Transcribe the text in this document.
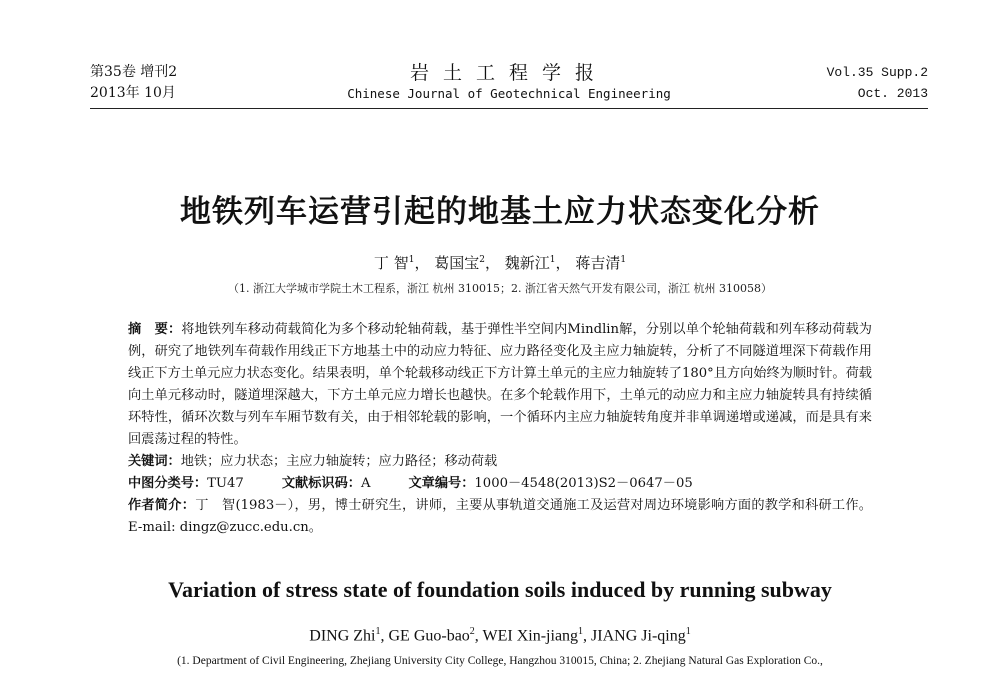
第35卷 增刊2
2013年 10月
岩土工程学报
Chinese Journal of Geotechnical Engineering
Vol.35 Supp.2
Oct. 2013
地铁列车运营引起的地基土应力状态变化分析
丁 智$^1$， 葛国宝$^2$， 魏新江$^1$， 蒋吉清$^1$
（1. 浙江大学城市学院土木工程系，浙江 杭州 310015；2. 浙江省天然气开发有限公司，浙江 杭州 310058）

摘　要：将地铁列车移动荷载简化为多个移动轮轴荷载，基于弹性半空间内Mindlin解，分别以单个轮轴荷载和列车移动荷载为例，研究了地铁列车荷载作用线正下方地基土中的动应力特征、应力路径变化及主应力轴旋转，分析了不同隧道埋深下荷载作用线正下方土单元应力状态变化。结果表明，单个轮载移动线正下方计算土单元的主应力轴旋转了180°且方向始终为顺时针。荷载向土单元移动时，隧道埋深越大，下方土单元应力增长也越快。在多个轮载作用下，土单元的动应力和主应力轴旋转具有持续循环特性，循环次数与列车车厢节数有关，由于相邻轮载的影响，一个循环内主应力轴旋转角度并非单调递增或递减，而是具有来回震荡过程的特性。

关键词：地铁；应力状态；主应力轴旋转；应力路径；移动荷载

中图分类号：TU47	文献标识码：A	文章编号：1000－4548(2013)S2－0647－05

作者简介：丁　智(1983－），男，博士研究生，讲师，主要从事轨道交通施工及运营对周边环境影响方面的教学和科研工作。E-mail: dingz@zucc.edu.cn。

Variation of stress state of foundation soils induced by running subway
DING Zhi$^1$, GE Guo-bao$^2$, WEI Xin-jiang$^1$, JIANG Ji-qing$^1$
(1. Department of Civil Engineering, Zhejiang University City College, Hangzhou 310015, China; 2. Zhejiang Natural Gas Exploration Co.,
